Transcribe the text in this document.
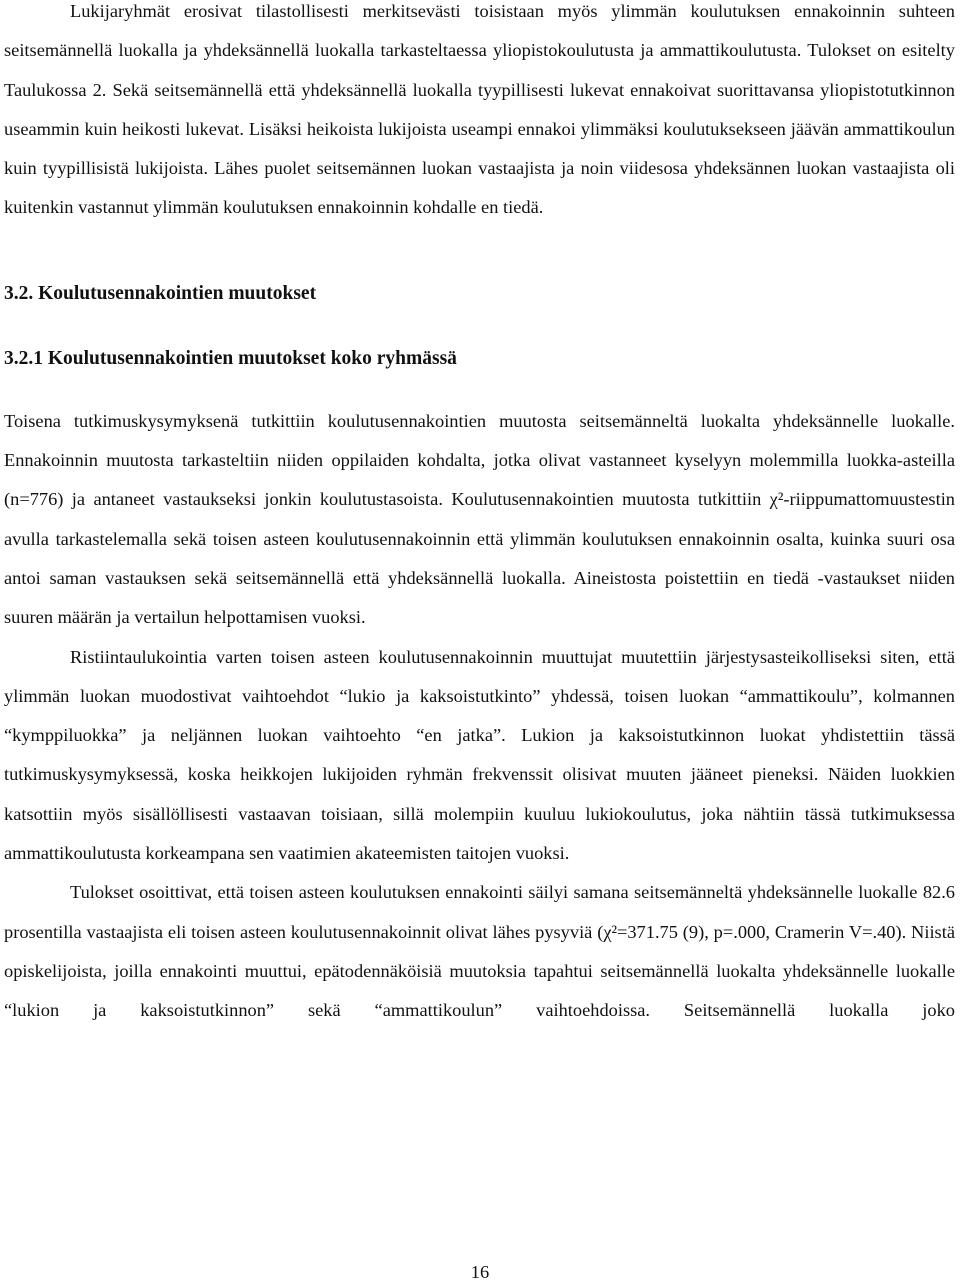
Lukijaryhmät erosivat tilastollisesti merkitsevästi toisistaan myös ylimmän koulutuksen ennakoinnin suhteen seitsemännellä luokalla ja yhdeksännellä luokalla tarkasteltaessa yliopistokoulutusta ja ammattikoulutusta. Tulokset on esitelty Taulukossa 2. Sekä seitsemännellä että yhdeksännellä luokalla tyypillisesti lukevat ennakoivat suorittavansa yliopistotutkinnon useammin kuin heikosti lukevat. Lisäksi heikoista lukijoista useampi ennakoi ylimmäksi koulutuksekseen jäävän ammattikoulun kuin tyypillisistä lukijoista. Lähes puolet seitsemännen luokan vastaajista ja noin viidesosa yhdeksännen luokan vastaajista oli kuitenkin vastannut ylimmän koulutuksen ennakoinnin kohdalle en tiedä.

3.2. Koulutusennakointien muutokset
3.2.1 Koulutusennakointien muutokset koko ryhmässä

Toisena tutkimuskysymyksenä tutkittiin koulutusennakointien muutosta seitsemänneltä luokalta yhdeksännelle luokalle. Ennakoinnin muutosta tarkasteltiin niiden oppilaiden kohdalta, jotka olivat vastanneet kyselyyn molemmilla luokka-asteilla (n=776) ja antaneet vastaukseksi jonkin koulutustasoista. Koulutusennakointien muutosta tutkittiin χ²-riippumattomuustestin avulla tarkastelemalla sekä toisen asteen koulutusennakoinnin että ylimmän koulutuksen ennakoinnin osalta, kuinka suuri osa antoi saman vastauksen sekä seitsemännellä että yhdeksännellä luokalla. Aineistosta poistettiin en tiedä -vastaukset niiden suuren määrän ja vertailun helpottamisen vuoksi.

Ristiintaulukointia varten toisen asteen koulutusennakoinnin muuttujat muutettiin järjestysasteikolliseksi siten, että ylimmän luokan muodostivat vaihtoehdot “lukio ja kaksoistutkinto” yhdessä, toisen luokan “ammattikoulu”, kolmannen “kymppiluokka” ja neljännen luokan vaihtoehto “en jatka”. Lukion ja kaksoistutkinnon luokat yhdistettiin tässä tutkimuskysymyksessä, koska heikkojen lukijoiden ryhmän frekvenssit olisivat muuten jääneet pieneksi. Näiden luokkien katsottiin myös sisällöllisesti vastaavan toisiaan, sillä molempiin kuuluu lukiokoulutus, joka nähtiin tässä tutkimuksessa ammattikoulutusta korkeampana sen vaatimien akateemisten taitojen vuoksi.

Tulokset osoittivat, että toisen asteen koulutuksen ennakointi säilyi samana seitsemänneltä yhdeksännelle luokalle 82.6 prosentilla vastaajista eli toisen asteen koulutusennakoinnit olivat lähes pysyviä (χ²=371.75 (9), p=.000, Cramerin V=.40). Niistä opiskelijoista, joilla ennakointi muuttui, epätodennäköisiä muutoksia tapahtui seitsemännellä luokalta yhdeksännelle luokalle “lukion ja kaksoistutkinnon” sekä “ammattikoulun” vaihtoehdoissa. Seitsemännellä luokalla joko

16
